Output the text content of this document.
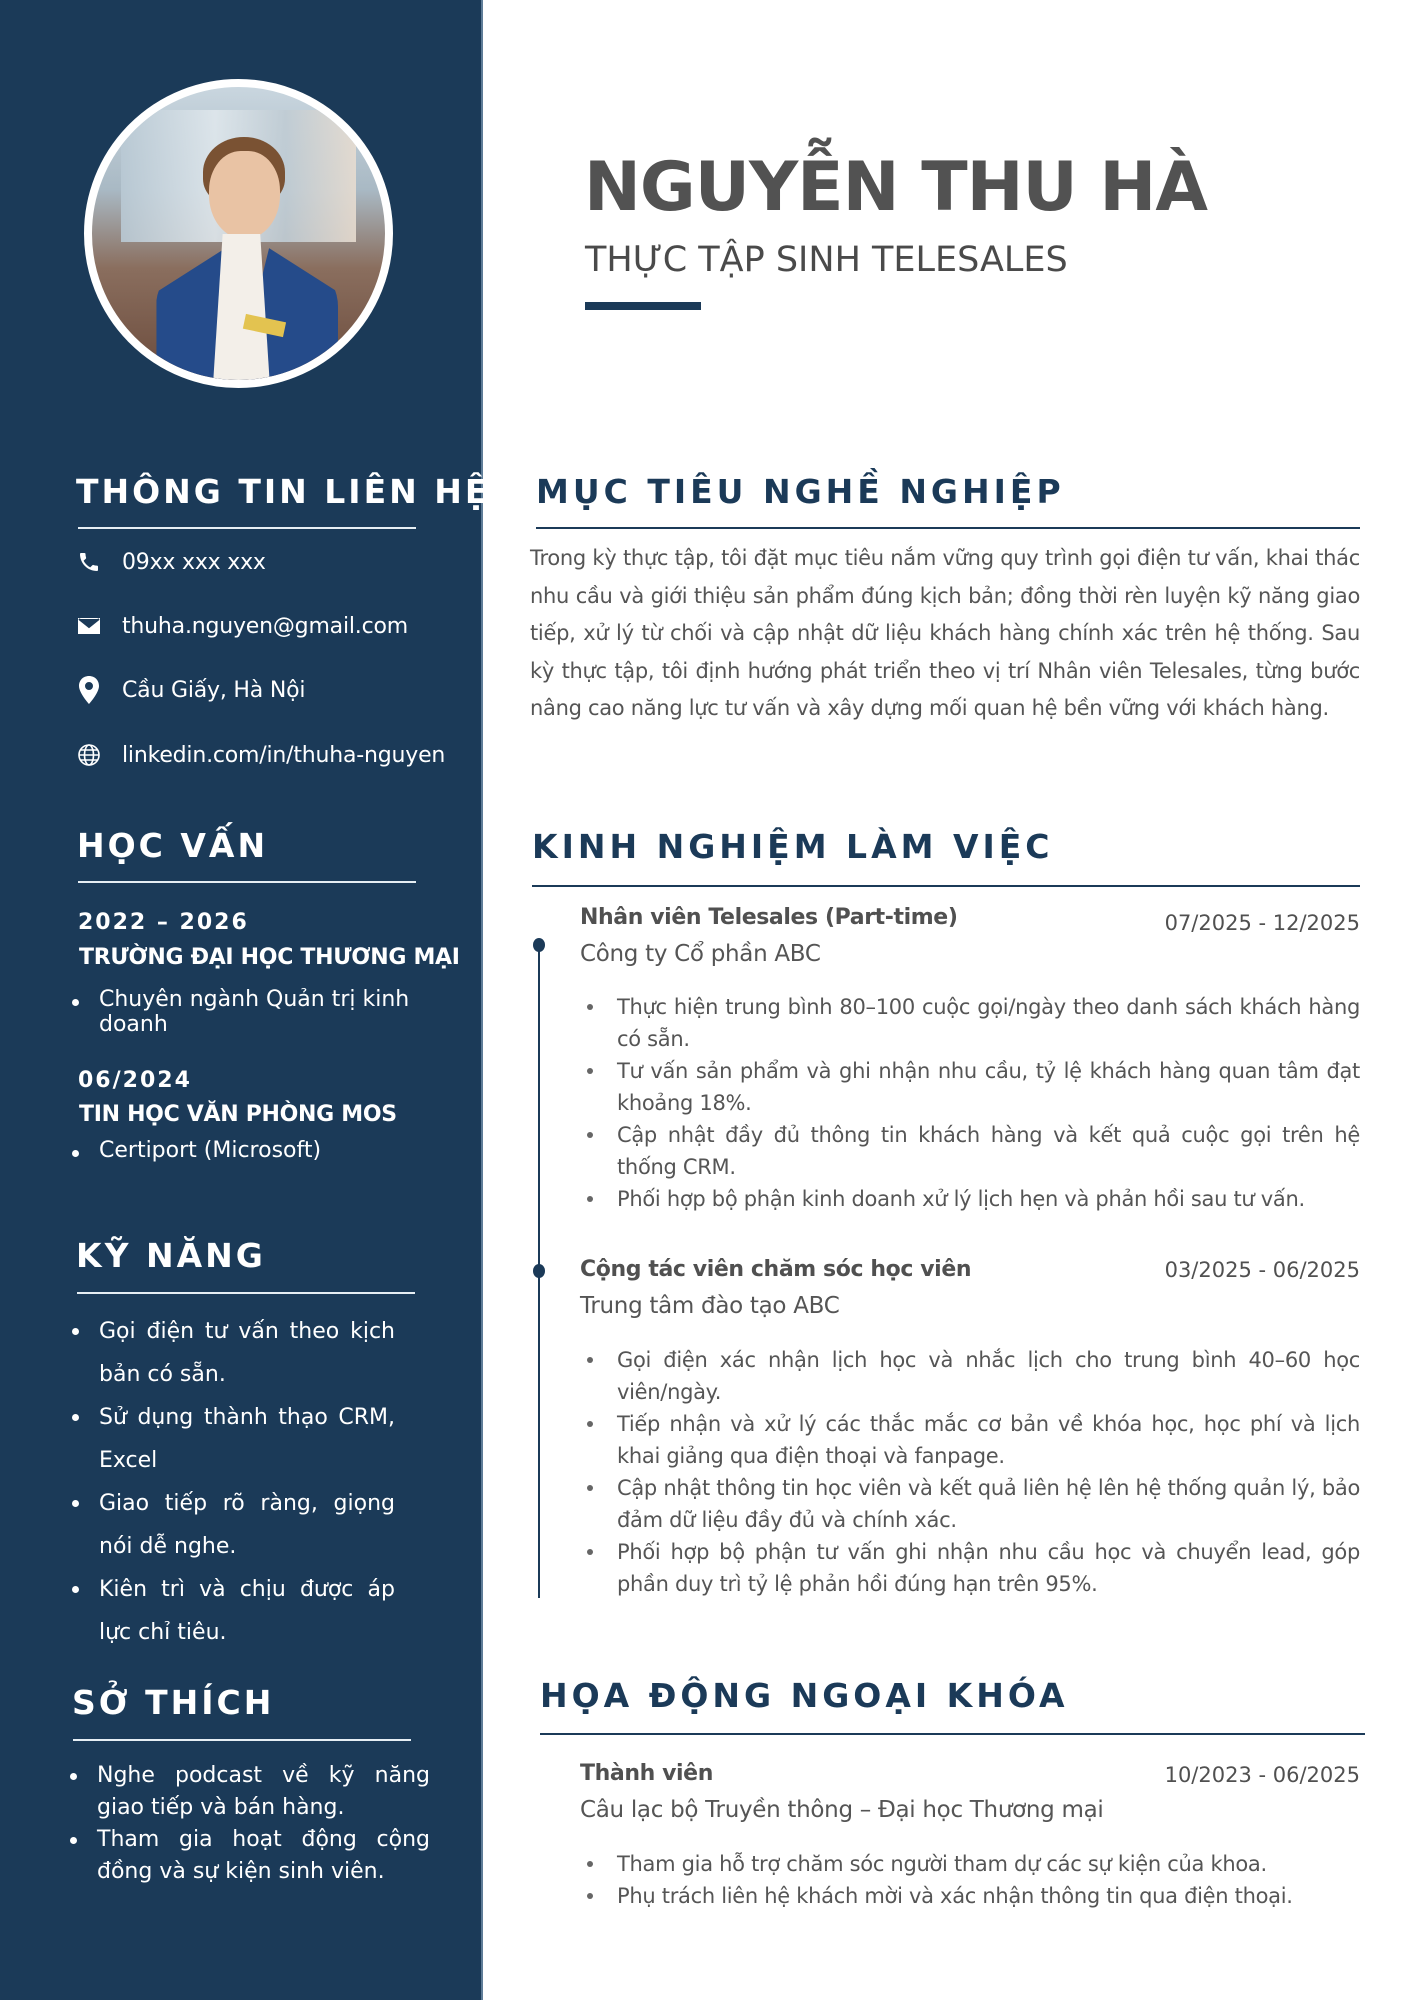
THÔNG TIN LIÊN HỆ
09xx xxx xxx
thuha.nguyen@gmail.com
Cầu Giấy, Hà Nội
linkedin.com/in/thuha-nguyen
HỌC VẤN
2022 – 2026
TRƯỜNG ĐẠI HỌC THƯƠNG MẠI
Chuyên ngành Quản trị kinh doanh
06/2024
TIN HỌC VĂN PHÒNG MOS
Certiport (Microsoft)
KỸ NĂNG
Gọi điện tư vấn theo kịch bản có sẵn.
Sử dụng thành thạo CRM, Excel
Giao tiếp rõ ràng, giọng nói dễ nghe.
Kiên trì và chịu được áp lực chỉ tiêu.
SỞ THÍCH
Nghe podcast về kỹ năng giao tiếp và bán hàng.
Tham gia hoạt động cộng đồng và sự kiện sinh viên.
NGUYỄN THU HÀ
THỰC TẬP SINH TELESALES
MỤC TIÊU NGHỀ NGHIỆP

Trong kỳ thực tập, tôi đặt mục tiêu nắm vững quy trình gọi điện tư vấn, khai thác nhu cầu và giới thiệu sản phẩm đúng kịch bản; đồng thời rèn luyện kỹ năng giao tiếp, xử lý từ chối và cập nhật dữ liệu khách hàng chính xác trên hệ thống. Sau kỳ thực tập, tôi định hướng phát triển theo vị trí Nhân viên Telesales, từng bước nâng cao năng lực tư vấn và xây dựng mối quan hệ bền vững với khách hàng.

KINH NGHIỆM LÀM VIỆC
Nhân viên Telesales (Part-time)	07/2025 - 12/2025
Công ty Cổ phần ABC
Thực hiện trung bình 80–100 cuộc gọi/ngày theo danh sách khách hàng có sẵn.
Tư vấn sản phẩm và ghi nhận nhu cầu, tỷ lệ khách hàng quan tâm đạt khoảng 18%.
Cập nhật đầy đủ thông tin khách hàng và kết quả cuộc gọi trên hệ thống CRM.
Phối hợp bộ phận kinh doanh xử lý lịch hẹn và phản hồi sau tư vấn.
Cộng tác viên chăm sóc học viên	03/2025 - 06/2025
Trung tâm đào tạo ABC
Gọi điện xác nhận lịch học và nhắc lịch cho trung bình 40–60 học viên/ngày.
Tiếp nhận và xử lý các thắc mắc cơ bản về khóa học, học phí và lịch khai giảng qua điện thoại và fanpage.
Cập nhật thông tin học viên và kết quả liên hệ lên hệ thống quản lý, bảo đảm dữ liệu đầy đủ và chính xác.
Phối hợp bộ phận tư vấn ghi nhận nhu cầu học và chuyển lead, góp phần duy trì tỷ lệ phản hồi đúng hạn trên 95%.
HỌA ĐỘNG NGOẠI KHÓA
Thành viên	10/2023 - 06/2025
Câu lạc bộ Truyền thông – Đại học Thương mại
Tham gia hỗ trợ chăm sóc người tham dự các sự kiện của khoa.
Phụ trách liên hệ khách mời và xác nhận thông tin qua điện thoại.
